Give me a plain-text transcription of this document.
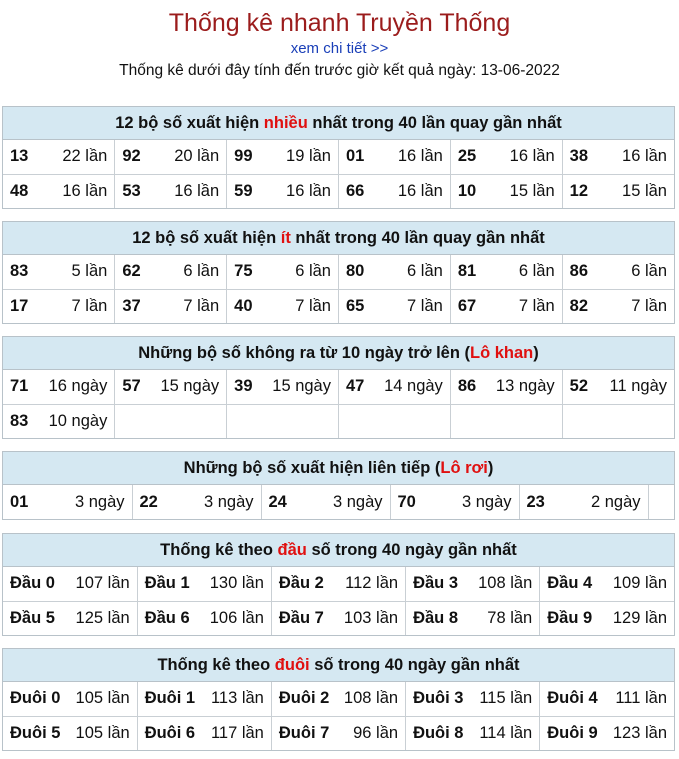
Thống kê nhanh Truyền Thống
xem chi tiết >>
Thống kê dưới đây tính đến trước giờ kết quả ngày: 13-06-2022
12 bộ số xuất hiện nhiều nhất trong 40 lần quay gần nhất
13 22 lần	92 20 lần	99 19 lần	01 16 lần	25 16 lần	38 16 lần

48 16 lần	53 16 lần	59 16 lần	66 16 lần	10 15 lần	12 15 lần
12 bộ số xuất hiện ít nhất trong 40 lần quay gần nhất
83 5 lần	62 6 lần	75 6 lần	80 6 lần	81 6 lần	86 6 lần

17 7 lần	37 7 lần	40 7 lần	65 7 lần	67 7 lần	82 7 lần
Những bộ số không ra từ 10 ngày trở lên (Lô khan)
71 16 ngày	57 15 ngày	39 15 ngày	47 14 ngày	86 13 ngày	52 11 ngày

83 10 ngày					

Những bộ số xuất hiện liên tiếp (Lô rơi)
01	3 ngày	22	3 ngày	24	3 ngày	70	3 ngày	23	2 ngày

Thống kê theo đầu số trong 40 ngày gần nhất
Đầu 0 107 lần	Đầu 1 130 lần	Đầu 2 112 lần	Đầu 3 108 lần	Đầu 4 109 lần

Đầu 5 125 lần	Đầu 6 106 lần	Đầu 7 103 lần	Đầu 8 78 lần	Đầu 9 129 lần
Thống kê theo đuôi số trong 40 ngày gần nhất
Đuôi 0 105 lần	Đuôi 1 113 lần	Đuôi 2 108 lần	Đuôi 3 115 lần	Đuôi 4 111 lần

Đuôi 5 105 lần	Đuôi 6 117 lần	Đuôi 7 96 lần	Đuôi 8 114 lần	Đuôi 9 123 lần
